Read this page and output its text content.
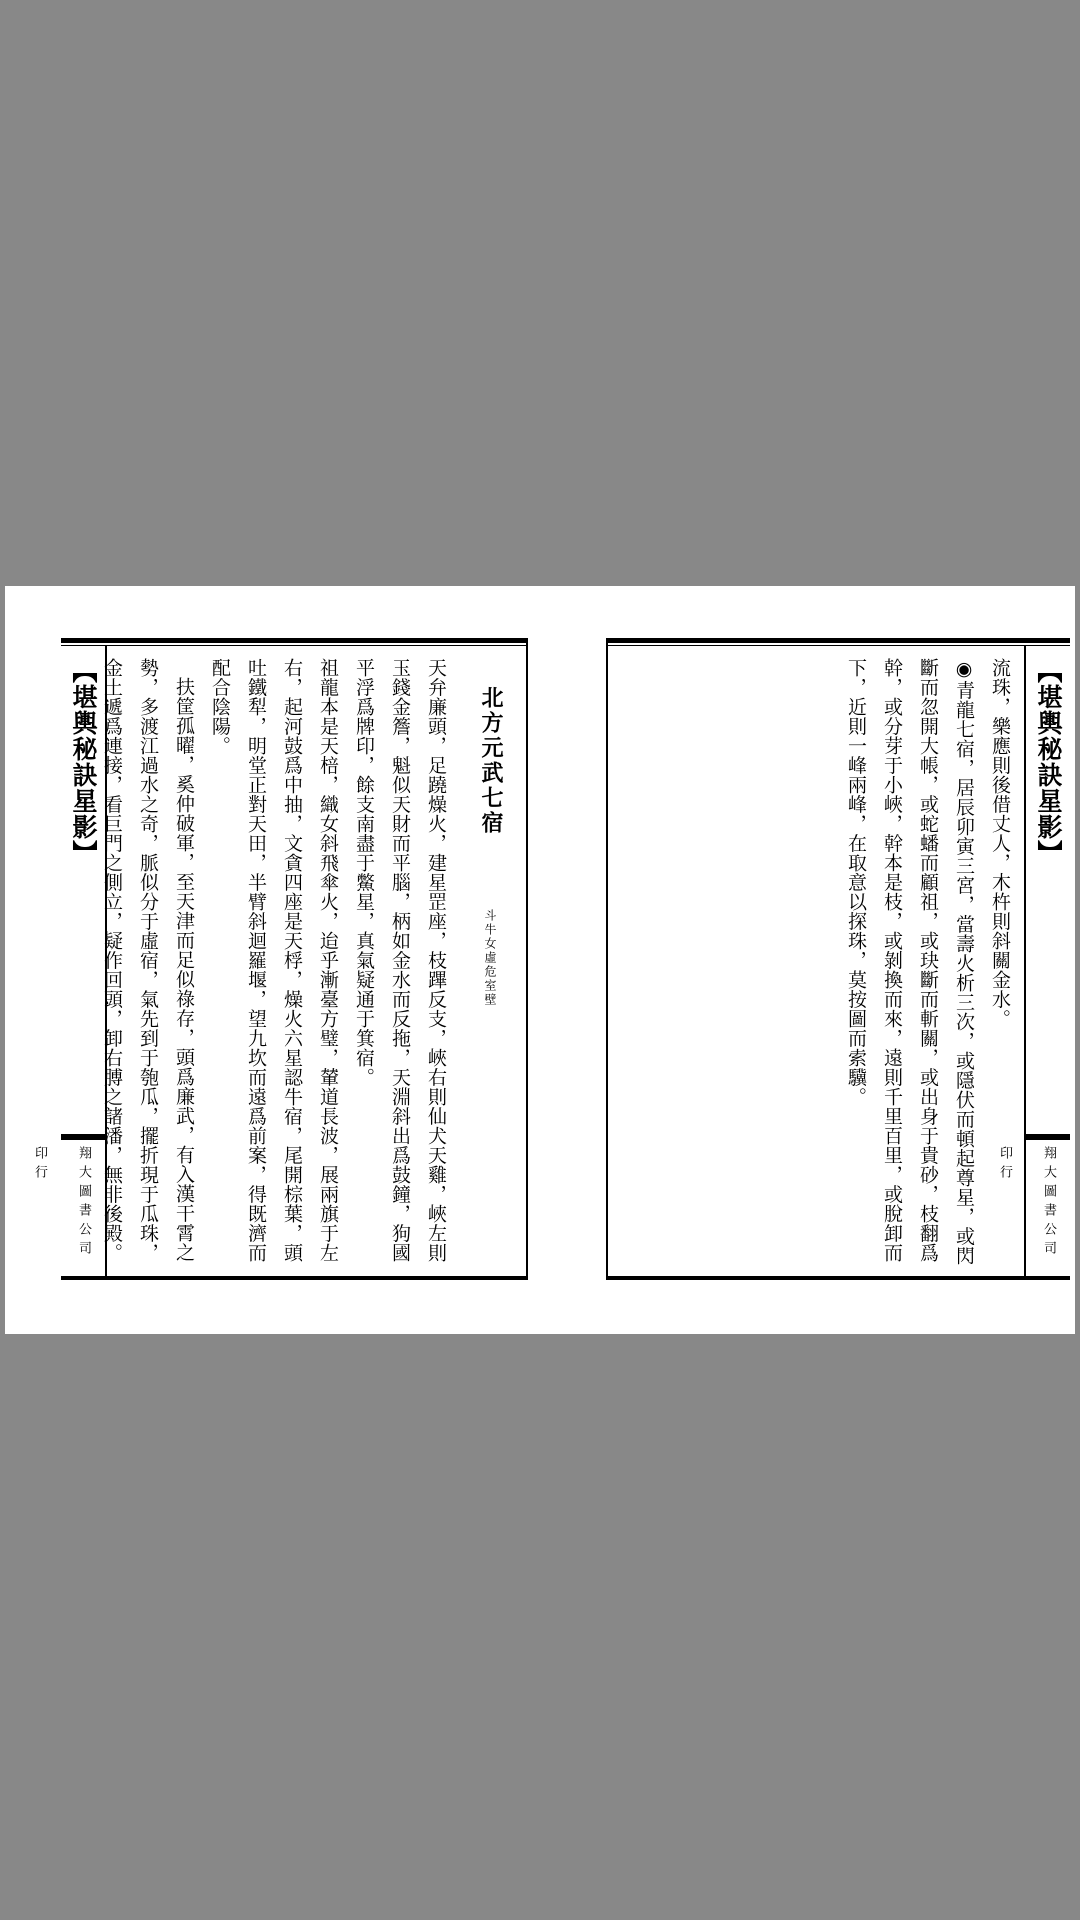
【堪輿秘訣星影】
翔大圖書公司印行
北方元武七宿 斗牛女虛危室壁
天弁廉頭，足蹺燥火，建星罡座，枝蹕反支，峽右則仙犬天雞，峽左則玉錢金簷，魁似天財而平腦，柄如金水而反拖，天淵斜出爲鼓鐘，狗國平浮爲牌印，餘支南盡于鱉星，真氣疑通于箕宿。
祖龍本是天棓，織女斜飛傘火，迨乎漸臺方璧，輦道長波，展兩旗于左右，起河鼓爲中抽，文貪四座是天桴，燥火六星認牛宿，尾開棕葉，頭吐鐵犁，明堂正對天田，半臂斜迴羅堰，望九坎而遠爲前案，得既濟而配合陰陽。
扶筐孤曜，奚仲破軍，至天津而足似祿存，頭爲廉武，有入漢干霄之勢，多渡江過水之奇，脈似分于虛宿，氣先到于匏瓜，擺折現于瓜珠，金土遞爲連接，看巨門之側立，疑作回頭，卸右膊之諸潘，無非後殿。	【堪輿秘訣星影】
翔大圖書公司印行
流珠，樂應則後借丈人，木杵則斜關金水。
◉青龍七宿，居辰卯寅三宮，當壽火析三次，或隱伏而頓起尊星，或閃斷而忽開大帳，或蛇蟠而顧祖，或玦斷而斬關，或出身于貴砂，枝翻爲幹，或分芽于小峽，幹本是枝，或剝換而來，遠則千里百里，或脫卸而下，近則一峰兩峰，在取意以探珠，莫按圖而索驥。
